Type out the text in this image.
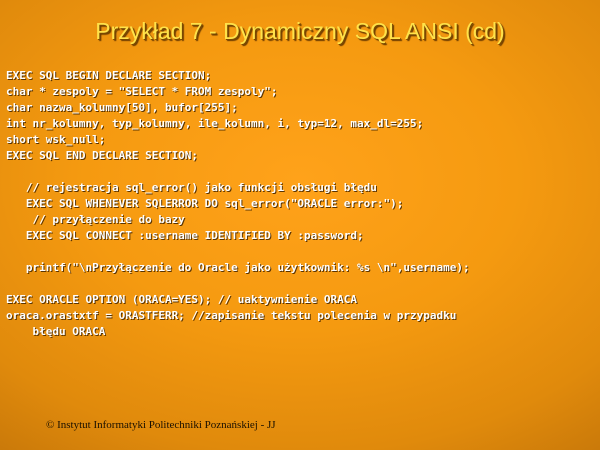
Przykład 7 - Dynamiczny SQL ANSI (cd)
EXEC SQL BEGIN DECLARE SECTION;
char * zespoly = "SELECT * FROM zespoly";
char nazwa_kolumny[50], bufor[255];
int nr_kolumny, typ_kolumny, ile_kolumn, i, typ=12, max_dl=255;
short wsk_null;
EXEC SQL END DECLARE SECTION;
// rejestracja sql_error() jako funkcji obsługi błędu
EXEC SQL WHENEVER SQLERROR DO sql_error("ORACLE error:");
// przyłączenie do bazy
EXEC SQL CONNECT :username IDENTIFIED BY :password;
printf("\nPrzyłączenie do Oracle jako użytkownik: %s \n",username);
EXEC ORACLE OPTION (ORACA=YES); // uaktywnienie ORACA
oraca.orastxtf = ORASTFERR; //zapisanie tekstu polecenia w przypadku
błędu ORACA
© Instytut Informatyki Politechniki Poznańskiej - JJ
